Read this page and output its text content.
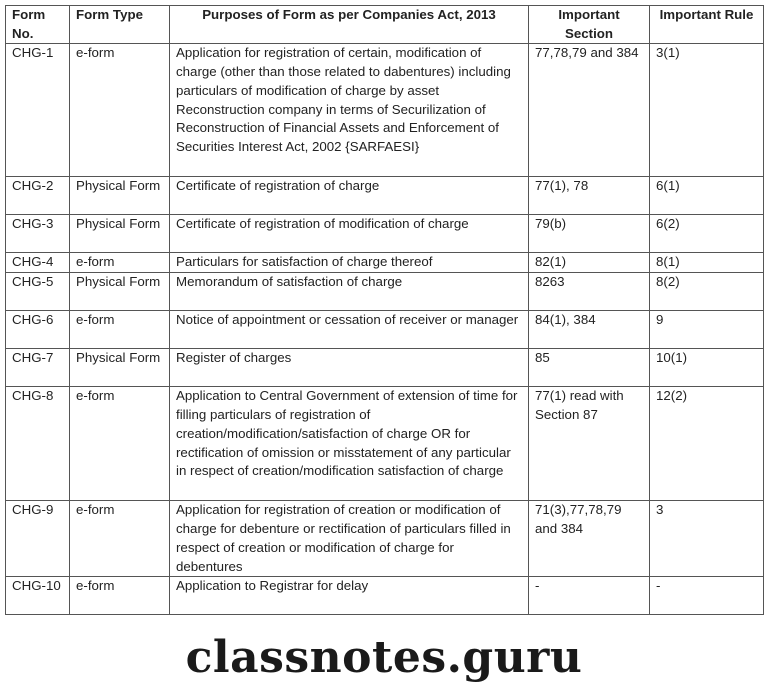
Form No.	Form Type	Purposes of Form as per Companies Act, 2013	Important Section	Important Rule
CHG-1	e-form	Application for registration of certain, modification of charge (other than those related to dabentures) including particulars of modification of charge by asset Reconstruction company in terms of Securilization of Reconstruction of Financial Assets and Enforcement of Securities Interest Act, 2002 {SARFAESI}	77,78,79 and 384	3(1)
CHG-2	Physical Form	Certificate of registration of charge	77(1), 78	6(1)
CHG-3	Physical Form	Certificate of registration of modification of charge	79(b)	6(2)
CHG-4	e-form	Particulars for satisfaction of charge thereof	82(1)	8(1)
CHG-5	Physical Form	Memorandum of satisfaction of charge	8263	8(2)
CHG-6	e-form	Notice of appointment or cessation of receiver or manager	84(1), 384	9
CHG-7	Physical Form	Register of charges	85	10(1)
CHG-8	e-form	Application to Central Government of extension of time for filling particulars of registration of creation/modification/satisfaction of charge OR for rectification of omission or misstatement of any particular in respect of creation/modification satisfaction of charge	77(1) read with Section 87	12(2)
CHG-9	e-form	Application for registration of creation or modification of charge for debenture or rectification of particulars filled in respect of creation or modification of charge for debentures	71(3),77,78,79 and 384	3
CHG-10	e-form	Application to Registrar for delay	-	-
classnotes.guru
